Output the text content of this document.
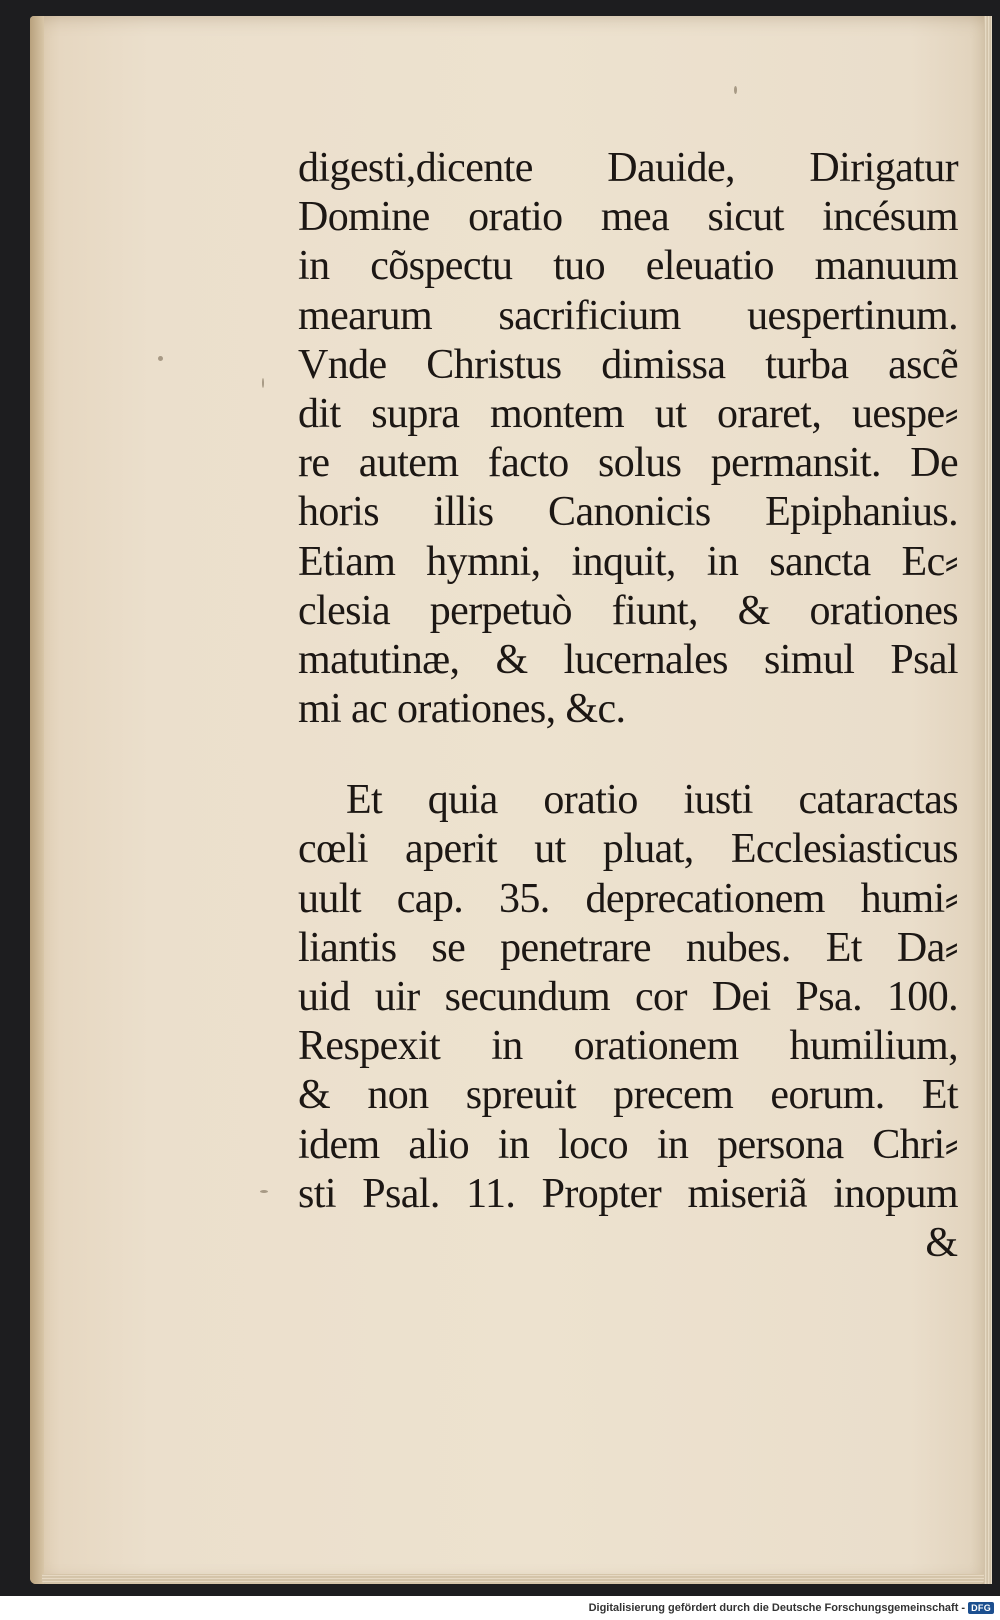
digesti,dicente Dauide, Dirigatur
Domine oratio mea sicut incésum
in cõspectu tuo eleuatio manuum
mearum sacrificium uespertinum.
Vnde Christus dimissa turba ascẽ
dit supra montem ut oraret, uespe⸗
re autem facto solus permansit. De
horis illis Canonicis Epiphanius.
Etiam hymni, inquit, in sancta Ec⸗
clesia perpetuò fiunt, & orationes
matutinæ, & lucernales simul Psal
mi ac orationes, &c.
Et quia oratio iusti cataractas
cœli aperit ut pluat, Ecclesiasticus
uult cap. 35. deprecationem humi⸗
liantis se penetrare nubes. Et Da⸗
uid uir secundum cor Dei Psa. 100.
Respexit in orationem humilium,
& non spreuit precem eorum. Et
idem alio in loco in persona Chri⸗
sti Psal. 11. Propter miseriã inopum
&
Digitalisierung gefördert durch die Deutsche Forschungsgemeinschaft - DFG
